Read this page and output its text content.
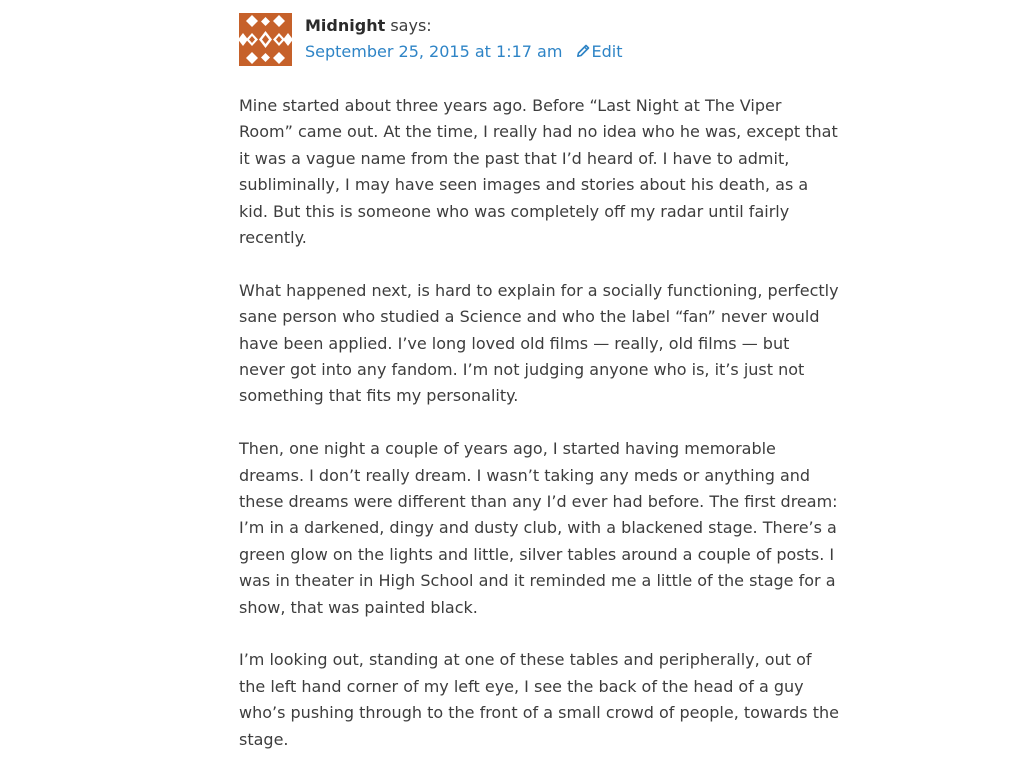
Midnight says:
September 25, 2015 at 1:17 am Edit

Mine started about three years ago. Before “Last Night at The Viper Room” came out. At the time, I really had no idea who he was, except that it was a vague name from the past that I’d heard of. I have to admit, subliminally, I may have seen images and stories about his death, as a kid. But this is someone who was completely off my radar until fairly recently.

What happened next, is hard to explain for a socially functioning, perfectly sane person who studied a Science and who the label “fan” never would have been applied. I’ve long loved old films — really, old films — but never got into any fandom. I’m not judging anyone who is, it’s just not something that fits my personality.

Then, one night a couple of years ago, I started having memorable dreams. I don’t really dream. I wasn’t taking any meds or anything and these dreams were different than any I’d ever had before. The first dream: I’m in a darkened, dingy and dusty club, with a blackened stage. There’s a green glow on the lights and little, silver tables around a couple of posts. I was in theater in High School and it reminded me a little of the stage for a show, that was painted black.

I’m looking out, standing at one of these tables and peripherally, out of the left hand corner of my left eye, I see the back of the head of a guy who’s pushing through to the front of a small crowd of people, towards the stage.
